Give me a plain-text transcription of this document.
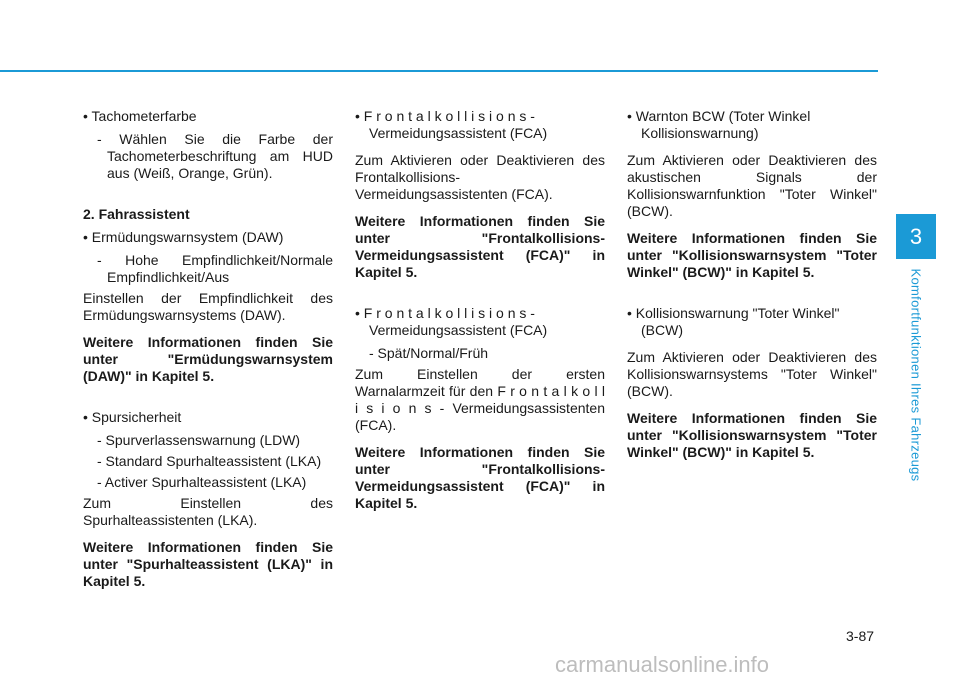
• Tachometerfarbe

- Wählen Sie die Farbe der Tachometerbeschriftung am HUD aus (Weiß, Orange, Grün).

2. Fahrassistent

• Ermüdungswarnsystem (DAW)

- Hohe Empfindlichkeit/Normale Empfindlichkeit/Aus

Einstellen der Empfindlichkeit des Ermüdungswarnsystems (DAW).

Weitere Informationen finden Sie unter "Ermüdungswarnsystem (DAW)" in Kapitel 5.

• Spursicherheit

- Spurverlassenswarnung (LDW)

- Standard Spurhalteassistent (LKA)

- Activer Spurhalteassistent (LKA)

Zum Einstellen des Spurhalteassistenten (LKA).

Weitere Informationen finden Sie unter "Spurhalteassistent (LKA)" in Kapitel 5.

• F r o n t a l k o l l i s i o n s - Vermeidungsassistent (FCA)

Zum Aktivieren oder Deaktivieren des Frontalkollisions-Vermeidungsassistenten (FCA).

Weitere Informationen finden Sie unter "Frontalkollisions-Vermeidungsassistent (FCA)" in Kapitel 5.

• F r o n t a l k o l l i s i o n s - Vermeidungsassistent (FCA)

- Spät/Normal/Früh

Zum Einstellen der ersten Warnalarmzeit für den F r o n t a l k o l l i s i o n s - Vermeidungsassistenten (FCA).

Weitere Informationen finden Sie unter "Frontalkollisions-Vermeidungsassistent (FCA)" in Kapitel 5.

• Warnton BCW (Toter Winkel Kollisionswarnung)

Zum Aktivieren oder Deaktivieren des akustischen Signals der Kollisionswarnfunktion "Toter Winkel" (BCW).

Weitere Informationen finden Sie unter "Kollisionswarnsystem "Toter Winkel" (BCW)" in Kapitel 5.

• Kollisionswarnung "Toter Winkel" (BCW)

Zum Aktivieren oder Deaktivieren des Kollisionswarnsystems "Toter Winkel" (BCW).

Weitere Informationen finden Sie unter "Kollisionswarnsystem "Toter Winkel" (BCW)" in Kapitel 5.

3
Komfortfunktionen Ihres Fahrzeugs
3-87
carmanualsonline.info
